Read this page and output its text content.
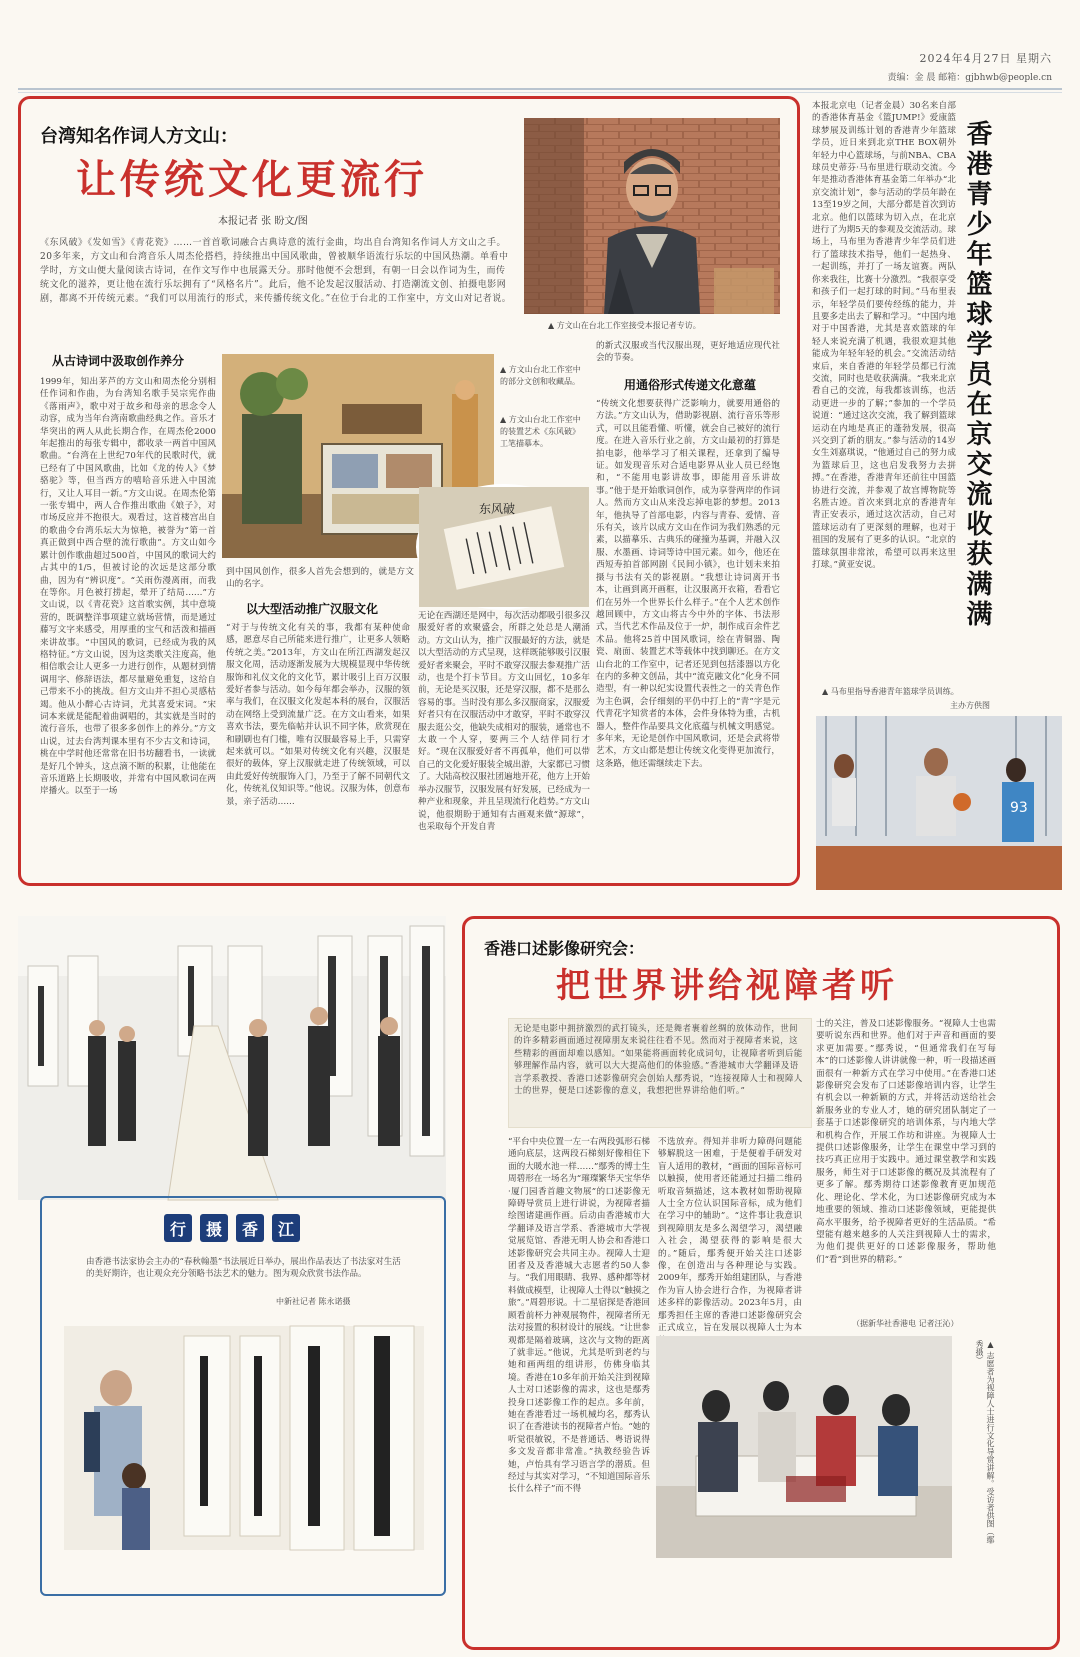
2024年4月27日 星期六
责编：金 晨 邮箱：gjbhwb@people.cn
台湾知名作词人方文山：
让传统文化更流行
本报记者 张 盼文/图
《东风破》《发如雪》《青花瓷》……一首首歌词融合古典诗意的流行金曲，均出自台湾知名作词人方文山之手。20多年来，方文山和台湾音乐人周杰伦搭档，持续推出中国风歌曲，曾被顺华语流行乐坛的中国风热潮。单看中学时，方文山便大量阅读古诗词，在作文写作中也展露天分。那时他便不会想到，有朝一日会以作词为生，而传统文化的滋养，更让他在流行乐坛拥有了“风格名片”。此后，他不论发起汉服活动、打造潮流文创、拍摄电影网剧，都离不开传统元素。“我们可以用流行的形式，来传播传统文化。”在位于台北的工作室中，方文山对记者说。
▲ 方文山在台北工作室接受本报记者专访。
从古诗词中汲取创作养分
1999年，知出茅芦的方文山和周杰伦分别相任作词和作曲，为台湾知名歌手吴宗宪作曲《落雨声》，歌中对于故乡和母亲的思念令人动容，成为当年台湾南歌曲经典之作。音乐才华突出的两人从此长期合作，在周杰伦2000年起推出的每张专辑中，都收录一两首中国风歌曲。“台湾在上世纪70年代的民歌时代，就已经有了中国风歌曲，比如《龙的传人》《梦骆驼》等，但当西方的嘻哈音乐进入中国流行，又让人耳目一新。”方文山说。在周杰伦第一张专辑中，两人合作推出歌曲《娘子》，对市场反应并不抱很大。观看过，这首楼宫出自的歌曲令台湾乐坛大为惊艳，被誉为“第一首真正做到中西合壁的流行歌曲”。方文山如今累计创作歌曲超过500首，中国风的歌词大约占其中的1/5，但被讨论的次远是这部分歌曲，因为有“辨识度”。“关雨伤漫离雨，而我在等你。月色被打捞起，晕开了结局……”方文山说，以《青花瓷》这首歌实例，其中意境营的，既调整洋事项建立就场营情，而是通过藤写文字来感受，用厚重的宝气和活泼和描画来讲故事。“中国风的歌词，已经成为我的风格特征。”方文山说，因为这类歌关注度高，他相信歌会让人更多一力进行创作，从题材到情调用字、修辞语法，都尽量避免重复，这给自己带来不小的挑战。但方文山并不担心灵感枯竭。他从小醉心古诗词，尤其喜爱宋词。“宋词本来就是能配着曲调唱的，其实就是当时的流行音乐，也带了很多多创作上的养分。”方文山说，过去台湾判课本里有不少古文和诗词，桃在中学时他还常常在旧书坊翻看书，一读就是好几个钟头，这点滴不断的积累，让他能在音乐道路上长期吸收，并常有中国风歌词在两岸播火。以至于一场
▲ 方文山台北工作室中的部分文创和收藏品。
▲ 方文山台北工作室中的装置艺术《东风破》工笔描摹本。
东风破
的新式汉服或当代汉服出现，更好地适应现代社会的节奏。
用通俗形式传递文化意蕴
“传统文化想要获得广泛影响力，就要用通俗的方法。”方文山认为，借助影视剧、流行音乐等形式，可以且能看懂、听懂，就会自己被好的流行度。在进入音乐行业之前，方文山最初的打算是拍电影，他举学习了相关课程，还拿到了编导证。如发现音乐对合适电影界从业人员已经饱和，“不能用电影讲故事，即能用音乐讲故事。”他于是开始歌词创作，成为享誉两岸的作词人。然而方文山从来没忘掉电影的梦想。2013年，他执导了首部电影，内容与青春、爱情、音乐有关，该片以成方文山在作词为我们熟悉的元素，以描摹乐、古典乐的碰撞为基调，并融入汉服、水墨画、诗词等诗中国元素。如今，他还在西短寿拍首部网剧《民间小镇》，也计划未来拍摄与书法有关的影视剧。“我想让诗词离开书本，让画到离开画框，让汉服离开衣箱，看看它们在另外一个世界长什么样子。”在个人艺术创作越回顾中，方文山将古今中外的字体、书法形式，当代艺术作品及位于一炉，制作成百余件艺术品。他将25首中国风歌词，绘在青铜器、陶瓷、扇面、装置艺术等载体中找到聊还。在方文山台北的工作室中，记者还见到包括漆器以方化在内的多种文创品，其中“流克融文化”化身不同造型，有一种以纪实设置代表性之一的关青色作为主色调，会仔细刻的平仍中打上的“青”字是元代青花字知赏者的本体，会件身体特为重，古机器人，整件作品要具文化底蕴与机械文明感觉。多年来，无论是创作中国风歌词，还是会武将带艺术，方文山都是想让传统文化变得更加流行，这条路，他还需继续走下去。
到中国风创作，很多人首先会想到的，就是方文山的名字。
以大型活动推广汉服文化
“对于与传统文化有关的事，我都有某种使命感，愿意尽自己所能来进行推广，让更多人领略传统之美。”2013年，方文山在所江西湖发起汉服文化周，活动逐渐发展为大规模显现中华传统服饰和礼仪文化的文化节，累计吸引上百万汉服爱好者参与活动。如今每年都会举办，汉服的领率与我们，在汉服文化发起本科的展台，汉服活动在网络上受到流量广泛。在方文山看来，如果喜欢书法，要先临帖并认识不同字体，欣赏现在和刷刷也有门槛，唯有汉服最容易上手，只需穿起来就可以。“如果对传统文化有兴趣，汉服是很好的载体，穿上汉服就走进了传统领域，可以由此爱好传统服饰入门，乃至于了解不同朝代文化，传统礼仪知识等。”他说。汉服为体，创意布景，亲子活动……
无论在西湖还是网中，每次活动都吸引很多汉服爱好者的欢聚盛会，所群之处总是人潮涌动。方文山认为，推广汉服最好的方法，就是以大型活动的方式呈现，这样既能够吸引汉服爱好者来聚会，平时不敢穿汉服去参观推广活动，也是个打卡节目。方文山回忆，10多年前，无论是买汉服，还是穿汉服，都不是那么容易的事。当时没有那么多汉服商家，汉服爱好者只有在汉服活动中才敢穿，平时不敢穿汉服去逛公交，他缺失成相对的服装，通常也不太敢一个人穿，要两三个人结伴同行才好。“现在汉服爱好者不再孤单，他们可以带自己的文化爱好服装全城出游，大家都已习惯了。大陆高校汉服社团遍地开花，他方上开始举办汉服节，汉服发展有好发展，已经成为一种产业和现象，并且呈现流行化趋势。”方文山说，他很期盼于通知有古画观来做“源球”，也采取每个开发自青
本报北京电（记者金晨）30名来自部的香港体育基金《篮JUMP!》爱康篮球梦展及训练计划的香港青少年篮球学员，近日来到北京THE BOX朝外年轻力中心篮球场，与前NBA、CBA球员史蒂芬·马布里进行联动交流。今年是推动香港体育基金第二年举办“北京交流计划”，参与活动的学员年龄在13至19岁之间，大部分都是首次到访北京。他们以篮球为切入点，在北京进行了为期5天的参观及交流活动。球场上，马布里为香港青少年学员们进行了篮球技术指导，他们一起热身、一起训练，并打了一场友谊赛。两队你来我往，比赛十分激烈。“我很享受和孩子们一起打球的时间。”马布里表示，年轻学员们要传经练的能力，并且要多走出去了解和学习。“中国内地对于中国香港，尤其是喜欢篮球的年轻人来说充满了机遇，我很欢迎其他能成为年轻年轻的机会。”交流活动结束后，来自香港的年轻学员都已行流交流，同时也是收获满满。“我来北京看自己的交流，每我都该训练，也活动更进一步的了解；”参加的一个学员说道：“通过这次交流，我了解到篮球运动在内地是真正的蓬勃发展，很高兴交到了新的朋友。”参与活动的14岁女生刘嘉琪说，“他通过自己的努力成为篮球后卫，这也启发我努力去拼搏。”在香港，香港青年还前往中国篮协进行交流，并参观了故宫博物院等名胜古迹。首次来到北京的香港青年青正安表示，通过这次活动，自己对篮球运动有了更深刻的理解，也对于祖国的发展有了更多的认识。“北京的篮球氛围非常浓，希望可以再来这里打球。”黄亚安说。	香港青少年篮球学员在京交流收获满满
▲ 马布里指导香港青年篮球学员训练。
主办方供图
93
行	摄	香	江
由香港书法家协会主办的“春秋翰墨”书法展近日举办，展出作品表达了书法家对生活的美好期许，也让观众充分领略书法艺术的魅力。图为观众欣赏书法作品。
中新社记者 陈永诺摄
香港口述影像研究会：
把世界讲给视障者听
无论是电影中拥挤激烈的武打镜头，还是舞者裹着丝绸的放体动作，世间的许多精彩画面通过视障朋友来说往往看不见。然而对于视障者来说，这些精彩的画面却难以感知。“如果能将画面转化成词句，让视障者听到后能够理解作品内容，就可以大大提高他们的体验感。”香港城市大学翻译及语言学系教授、香港口述影像研究会创始人鄢秀说，“连接视障人士和视障人士的世界，便是口述影像的意义，我想把世界讲给他们听。”
“平台中央位置一左一右两段弧形石梯通向底层，这两段石梯刻好像相住下面的大暖水池一样……”鄢秀的博士生周碧形在一场名为“璀璨繁华天宝华华·厦门园香首趣文物展”的口述影像无障碍导赏员上进行讲说，为视障者描绘图诸建画作画。后动由香港城市大学翻译及语言学系、香港城市大学视觉展览馆、香港无明人协会和香港口述影像研究会共同主办。视障人士迎团者及及香港城大志愿者约50人参与。“我们用眼睛、我界、感种都等材料做成模型，让视障人士得以“触摸之旅”。”周碧形说。十二星宿探是香港回顾看前杯力神观展物件，视障者所无法对接置的积材设计的展线。“让世参观都是隔着玻璃，这次与文物的距离了就非远。”他说，尤其是听到老约与她和画两组的组讲形，仿佛身临其境。香港在10多年前开始关注到视障人士对口述影像的需求，这也是鄢秀投身口述影像工作的起点。多年前，她在香港看过一场机械均名，鄢秀认识了在香港读书的视障者卢怡。“她的听觉很敏锐，不是普通话、粤语说得多文发音都非常准。”执教经验告诉她，卢怡具有学习语言学的潜质。但经过与其实对学习，“不知道国际音乐长什么样子”而不得
不选放弃。得知并非听力障碍问题能够解脱这一困难，于是便着手研发对盲人适用的教材，“画面的国际音标可以触摸，使用者还能通过扫描二维码听取音频描述，这本教材如帮助视障人士全方位认识国际音标，成为他们在学习中的辅助”。“这件事让我意识到视障朋友是多么渴望学习，渴望融入社会，渴望获得的影响是很大的。”随后，鄢秀便开始关注口述影像，在创造出与各种理论与实践。2009年，鄢秀开始组建团队，与香港作为盲人协会进行合作，为视障者讲述多样的影像活动。2023年5月，由鄢秀担任主席的香港口述影像研究会正式成立，旨在发展以视障人士为本
士的关注，普及口述影像服务。“视障人士也需要听说东西和世界。他们对于声音和画面的要求更加需要。”鄢秀说，“但通常我们在写每本”的口述影像人讲讲就像一种，听一段描述画面很有一种新方式在学习中使用。”在香港口述影像研究会发布了口述影像培训内容，让学生有机会以一种新颖的方式，并将活动送给社会新服务业的专业人才，她的研究团队制定了一套基于口述影像研究的培训体系，与内地大学和机构合作，开展工作坊和讲座。为视障人士提供口述影像服务，让学生在课堂中学习到的技巧真正应用于实践中。通过课堂教学和实践服务，师生对于口述影像的概况及其流程有了更多了解。鄢秀期待口述影像教育更加规范化、理论化、学术化，为口述影像研究成为本地重要的领域、推动口述影像领域，更能提供高水平服务，给予视障者更好的生活品质。“希望能有越来越多的人关注到视障人士的需求，为他们提供更好的口述影像服务，帮助他们“看”到世界的精彩。”
（据新华社香港电 记者汪沁）
▲ 志愿者为视障人士进行文化导赏讲解。受访者供图（鄢秀摄）
